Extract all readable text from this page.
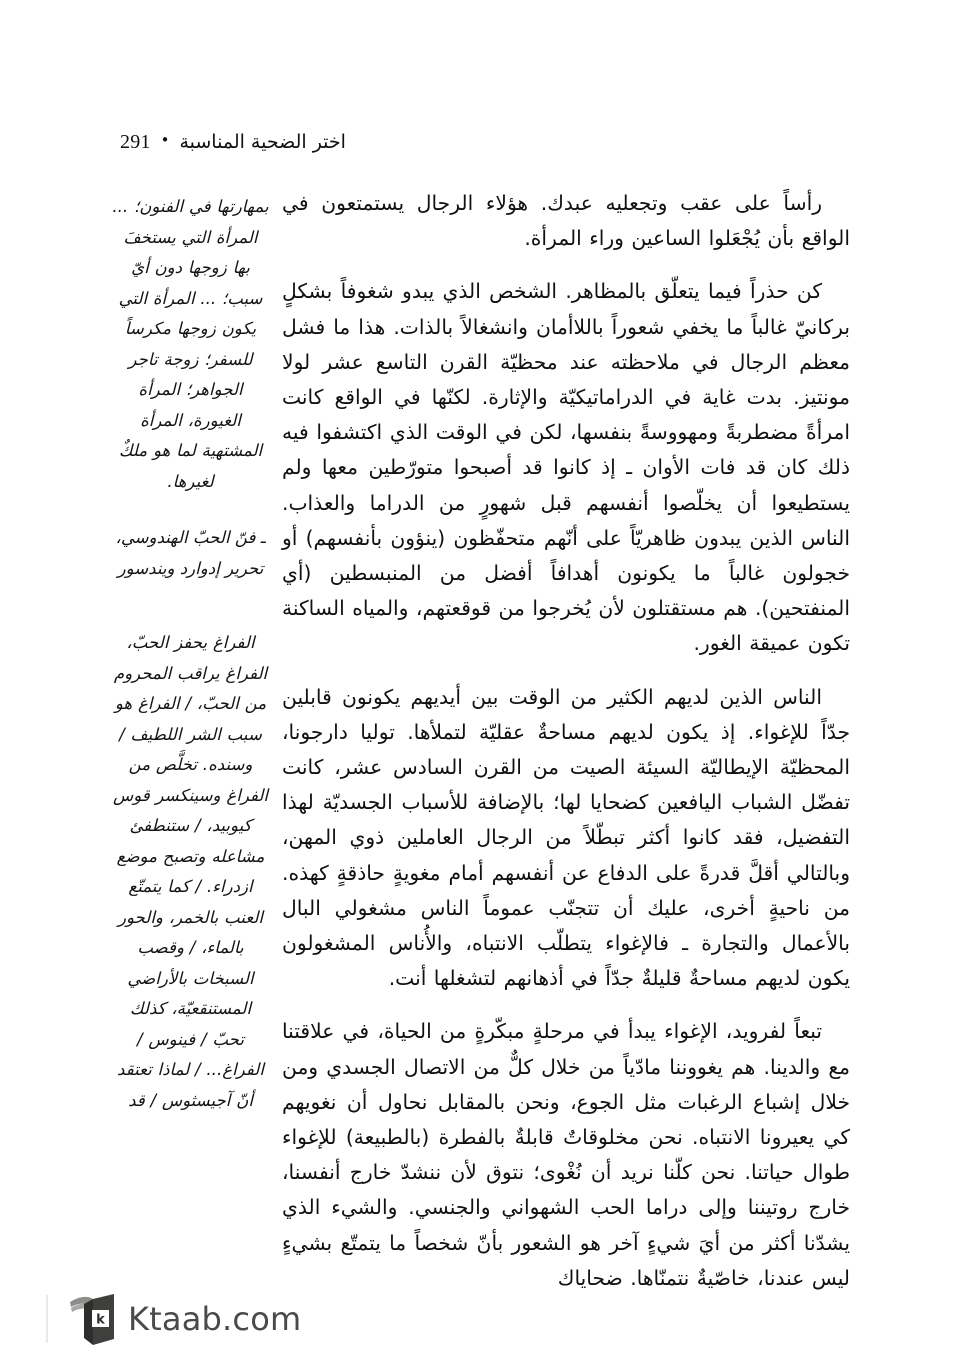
291 • اختر الضحية المناسبة

رأساً على عقب وتجعليه عبدك. هؤلاء الرجال يستمتعون في الواقع بأن يُجْعَلوا الساعين وراء المرأة.

كن حذراً فيما يتعلّق بالمظاهر. الشخص الذي يبدو شغوفاً بشكلٍ بركانيّ غالباً ما يخفي شعوراً باللاأمان وانشغالاً بالذات. هذا ما فشل معظم الرجال في ملاحظته عند محظيّة القرن التاسع عشر لولا مونتيز. بدت غاية في الدراماتيكيّة والإثارة. لكنّها في الواقع كانت امرأةً مضطربةً ومهووسةً بنفسها، لكن في الوقت الذي اكتشفوا فيه ذلك كان قد فات الأوان ـ إذ كانوا قد أصبحوا متورّطين معها ولم يستطيعوا أن يخلّصوا أنفسهم قبل شهورٍ من الدراما والعذاب. الناس الذين يبدون ظاهريّاً على أنّهم متحفّظون (ينؤون بأنفسهم) أو خجولون غالباً ما يكونون أهدافاً أفضل من المنبسطين (أي المنفتحين). هم مستقتلون لأن يُخرجوا من قوقعتهم، والمياه الساكنة تكون عميقة الغور.

الناس الذين لديهم الكثير من الوقت بين أيديهم يكونون قابلين جدّاً للإغواء. إذ يكون لديهم مساحةٌ عقليّة لتملأها. توليا دارجونا، المحظيّة الإيطاليّة السيئة الصيت من القرن السادس عشر، كانت تفضّل الشباب اليافعين كضحايا لها؛ بالإضافة للأسباب الجسديّة لهذا التفضيل، فقد كانوا أكثر تبطّلاً من الرجال العاملين ذوي المهن، وبالتالي أقلَّ قدرةً على الدفاع عن أنفسهم أمام مغويةٍ حاذقةٍ كهذه. من ناحيةٍ أخرى، عليك أن تتجنّب عموماً الناس مشغولي البال بالأعمال والتجارة ـ فالإغواء يتطلّب الانتباه، والأُناس المشغولون يكون لديهم مساحةٌ قليلةٌ جدّاً في أذهانهم لتشغلها أنت.

تبعاً لفرويد، الإغواء يبدأ في مرحلةٍ مبكّرةٍ من الحياة، في علاقتنا مع والدينا. هم يغووننا مادّياً من خلال كلٌّ من الاتصال الجسدي ومن خلال إشباع الرغبات مثل الجوع، ونحن بالمقابل نحاول أن نغويهم كي يعيرونا الانتباه. نحن مخلوقاتٌ قابلةٌ بالفطرة (بالطبيعة) للإغواء طوال حياتنا. نحن كلّنا نريد أن نُغْوى؛ نتوق لأن ننشدّ خارج أنفسنا، خارج روتيننا وإلى دراما الحب الشهواني والجنسي. والشيء الذي يشدّنا أكثر من أيَ شيءٍ آخر هو الشعور بأنّ شخصاً ما يتمتّع بشيءٍ ليس عندنا، خاصّيةٌ نتمنّاها. ضحاياك

بمهارتها في الفنون؛ ... المرأة التي يستخفَ بها زوجها دون أيّ سبب؛ ... المرأة التي يكون زوجها مكرساً للسفر؛ زوجة تاجر الجواهر؛ المرأة الغيورة، المرأة المشتهية لما هو ملكٌ لغيرها.
ـ فنّ الحبّ الهندوسي، تحرير إدوارد ويندسور
الفراغ يحفز الحبّ، الفراغ يراقب المحروم من الحبّ، / الفراغ هو سبب الشر اللطيف / وسنده. تخلَّص من الفراغ وسينكسر قوس كيوبيد، / ستنطفئ مشاعله وتصبح موضع ازدراء. / كما يتمتّع العنب بالخمر، والحور بالماء، / وقصب السبخات بالأراضي المستنقعيّة، كذلك تحبّ / فينوس / الفراغ... / لماذا تعتقد أنّ آجيسثوس / قد
k Ktaab.com
